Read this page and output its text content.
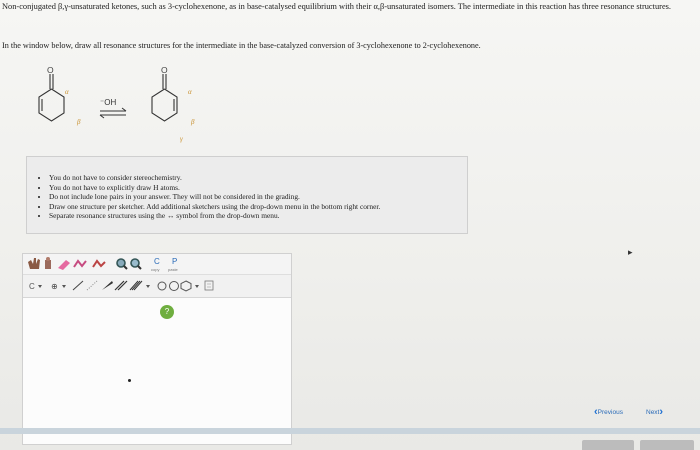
Non-conjugated β,γ-unsaturated ketones, such as 3-cyclohexenone, as in base-catalysed equilibrium with their α,β-unsaturated isomers. The intermediate in this reaction has three resonance structures.
In the window below, draw all resonance structures for the intermediate in the base-catalyzed conversion of 3-cyclohexenone to 2-cyclohexenone.
O
α
β
⁻OH
O
α
β
γ
• You do not have to consider stereochemistry.
• You do not have to explicitly draw H atoms.
• Do not include lone pairs in your answer. They will not be considered in the grading.
• Draw one structure per sketcher. Add additional sketchers using the drop-down menu in the bottom right corner.
• Separate resonance structures using the ↔ symbol from the drop-down menu.
C
copy
P
paste
C ⊕
?
▸
‹Previous	Next›
